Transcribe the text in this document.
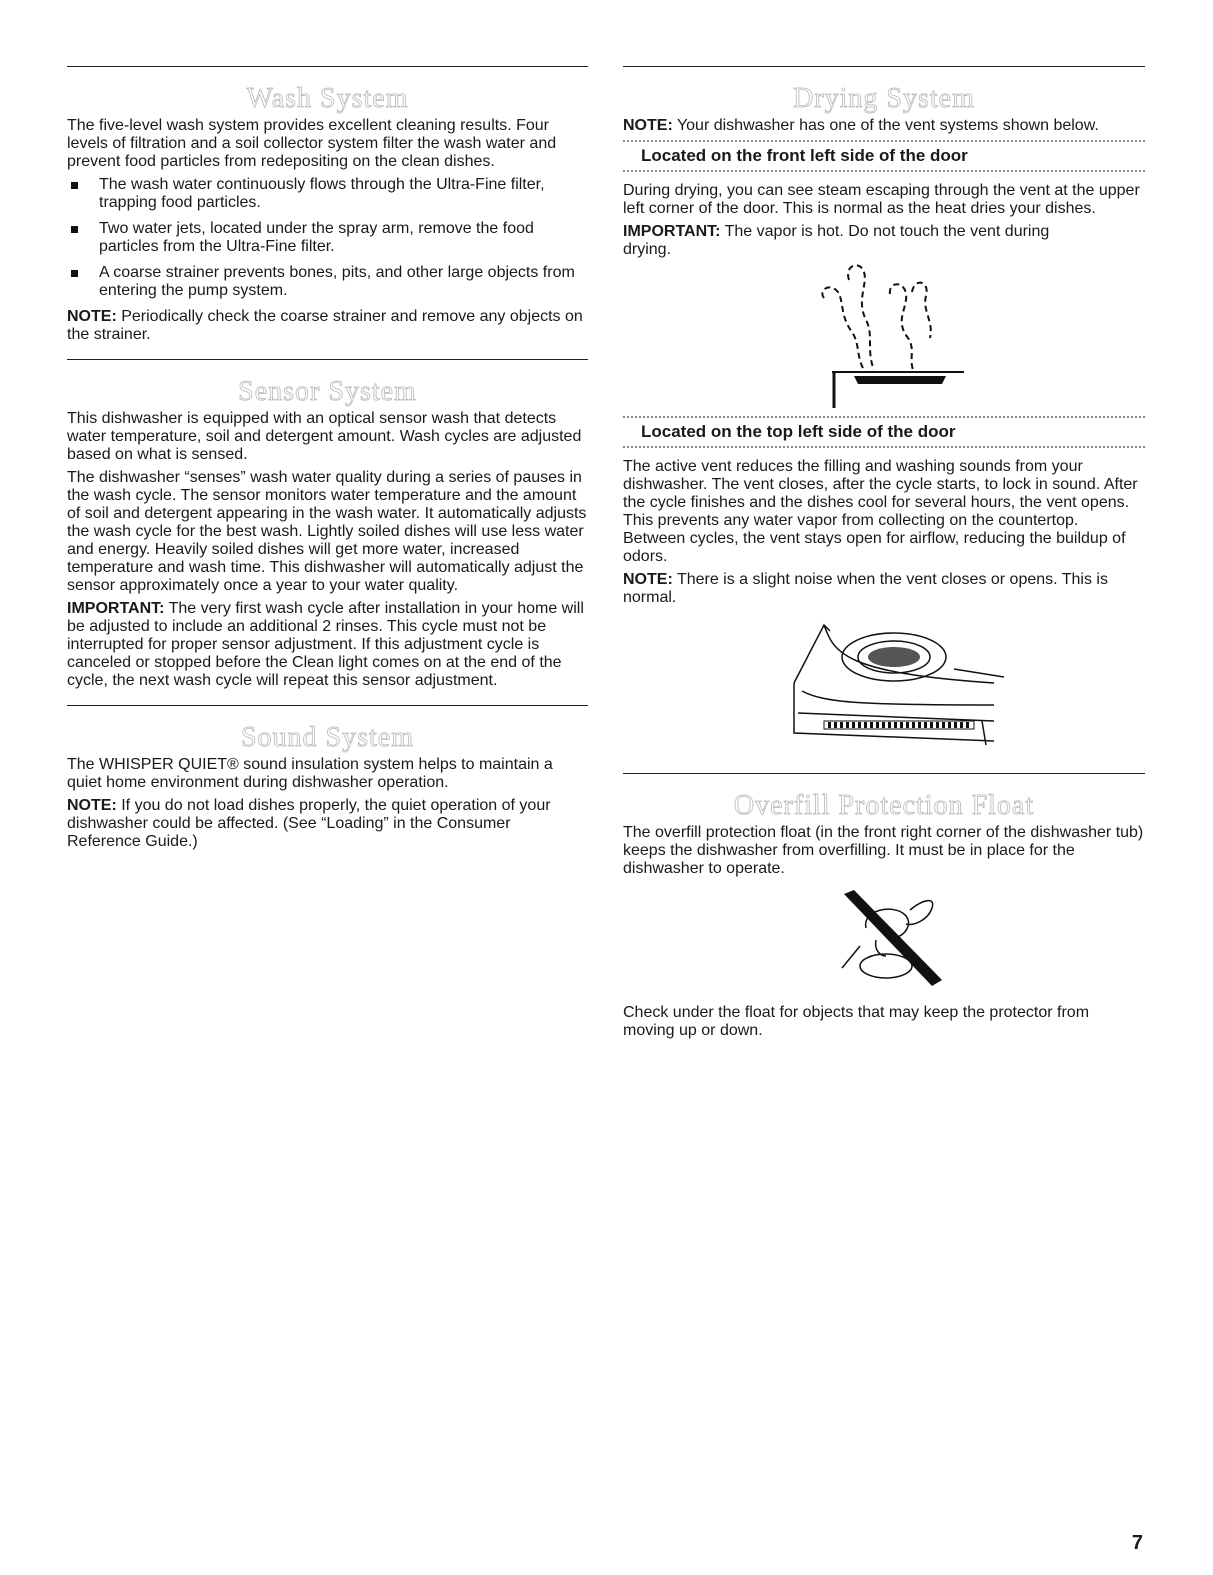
Wash System

The five-level wash system provides excellent cleaning results. Four levels of filtration and a soil collector system filter the wash water and prevent food particles from redepositing on the clean dishes.

The wash water continuously flows through the Ultra-Fine filter, trapping food particles.
Two water jets, located under the spray arm, remove the food particles from the Ultra-Fine filter.
A coarse strainer prevents bones, pits, and other large objects from entering the pump system.

NOTE: Periodically check the coarse strainer and remove any objects on the strainer.

Sensor System

This dishwasher is equipped with an optical sensor wash that detects water temperature, soil and detergent amount. Wash cycles are adjusted based on what is sensed.

The dishwasher “senses” wash water quality during a series of pauses in the wash cycle. The sensor monitors water temperature and the amount of soil and detergent appearing in the wash water. It automatically adjusts the wash cycle for the best wash. Lightly soiled dishes will use less water and energy. Heavily soiled dishes will get more water, increased temperature and wash time. This dishwasher will automatically adjust the sensor approximately once a year to your water quality.

IMPORTANT: The very first wash cycle after installation in your home will be adjusted to include an additional 2 rinses. This cycle must not be interrupted for proper sensor adjustment. If this adjustment cycle is canceled or stopped before the Clean light comes on at the end of the cycle, the next wash cycle will repeat this sensor adjustment.

Sound System

The WHISPER QUIET® sound insulation system helps to maintain a quiet home environment during dishwasher operation.

NOTE: If you do not load dishes properly, the quiet operation of your dishwasher could be affected. (See “Loading” in the Consumer Reference Guide.)

Drying System

NOTE: Your dishwasher has one of the vent systems shown below.

Located on the front left side of the door

During drying, you can see steam escaping through the vent at the upper left corner of the door. This is normal as the heat dries your dishes.

IMPORTANT: The vapor is hot. Do not touch the vent during drying.

Located on the top left side of the door

The active vent reduces the filling and washing sounds from your dishwasher. The vent closes, after the cycle starts, to lock in sound. After the cycle finishes and the dishes cool for several hours, the vent opens. This prevents any water vapor from collecting on the countertop. Between cycles, the vent stays open for airflow, reducing the buildup of odors.

NOTE: There is a slight noise when the vent closes or opens. This is normal.

Overfill Protection Float

The overfill protection float (in the front right corner of the dishwasher tub) keeps the dishwasher from overfilling. It must be in place for the dishwasher to operate.

Check under the float for objects that may keep the protector from moving up or down.

7
